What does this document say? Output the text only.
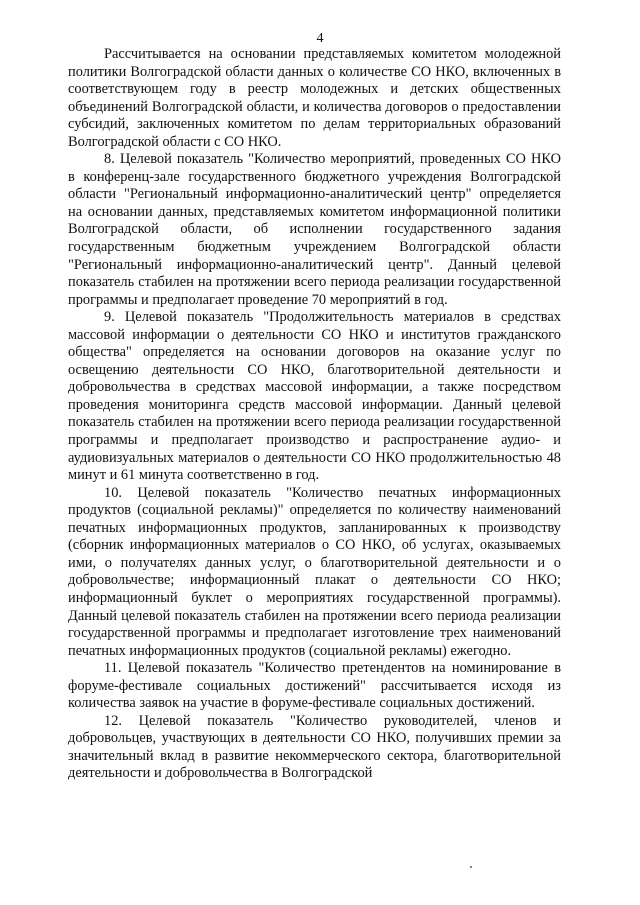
4

Рассчитывается на основании представляемых комитетом молодежной политики Волгоградской области данных о количестве СО НКО, включенных в соответствующем году в реестр молодежных и детских общественных объединений Волгоградской области, и количества договоров о предоставлении субсидий, заключенных комитетом по делам территориальных образований Волгоградской области с СО НКО.

8. Целевой показатель "Количество мероприятий, проведенных СО НКО в конференц-зале государственного бюджетного учреждения Волгоградской области "Региональный информационно-аналитический центр" определяется на основании данных, представляемых комитетом информационной политики Волгоградской области, об исполнении государственного задания государственным бюджетным учреждением Волгоградской области "Региональный информационно-аналитический центр". Данный целевой показатель стабилен на протяжении всего периода реализации государственной программы и предполагает проведение 70 мероприятий в год.

9. Целевой показатель "Продолжительность материалов в средствах массовой информации о деятельности СО НКО и институтов гражданского общества" определяется на основании договоров на оказание услуг по освещению деятельности СО НКО, благотворительной деятельности и добровольчества в средствах массовой информации, а также посредством проведения мониторинга средств массовой информации. Данный целевой показатель стабилен на протяжении всего периода реализации государственной программы и предполагает производство и распространение аудио- и аудиовизуальных материалов о деятельности СО НКО продолжительностью 48 минут и 61 минута соответственно в год.

10. Целевой показатель "Количество печатных информационных продуктов (социальной рекламы)" определяется по количеству наименований печатных информационных продуктов, запланированных к производству (сборник информационных материалов о СО НКО, об услугах, оказываемых ими, о получателях данных услуг, о благотворительной деятельности и о добровольчестве; информационный плакат о деятельности СО НКО; информационный буклет о мероприятиях государственной программы). Данный целевой показатель стабилен на протяжении всего периода реализации государственной программы и предполагает изготовление трех наименований печатных информационных продуктов (социальной рекламы) ежегодно.

11. Целевой показатель "Количество претендентов на номинирование в форуме-фестивале социальных достижений" рассчитывается исходя из количества заявок на участие в форуме-фестивале социальных достижений.

12. Целевой показатель "Количество руководителей, членов и добровольцев, участвующих в деятельности СО НКО, получивших премии за значительный вклад в развитие некоммерческого сектора, благотворительной деятельности и добровольчества в Волгоградской
